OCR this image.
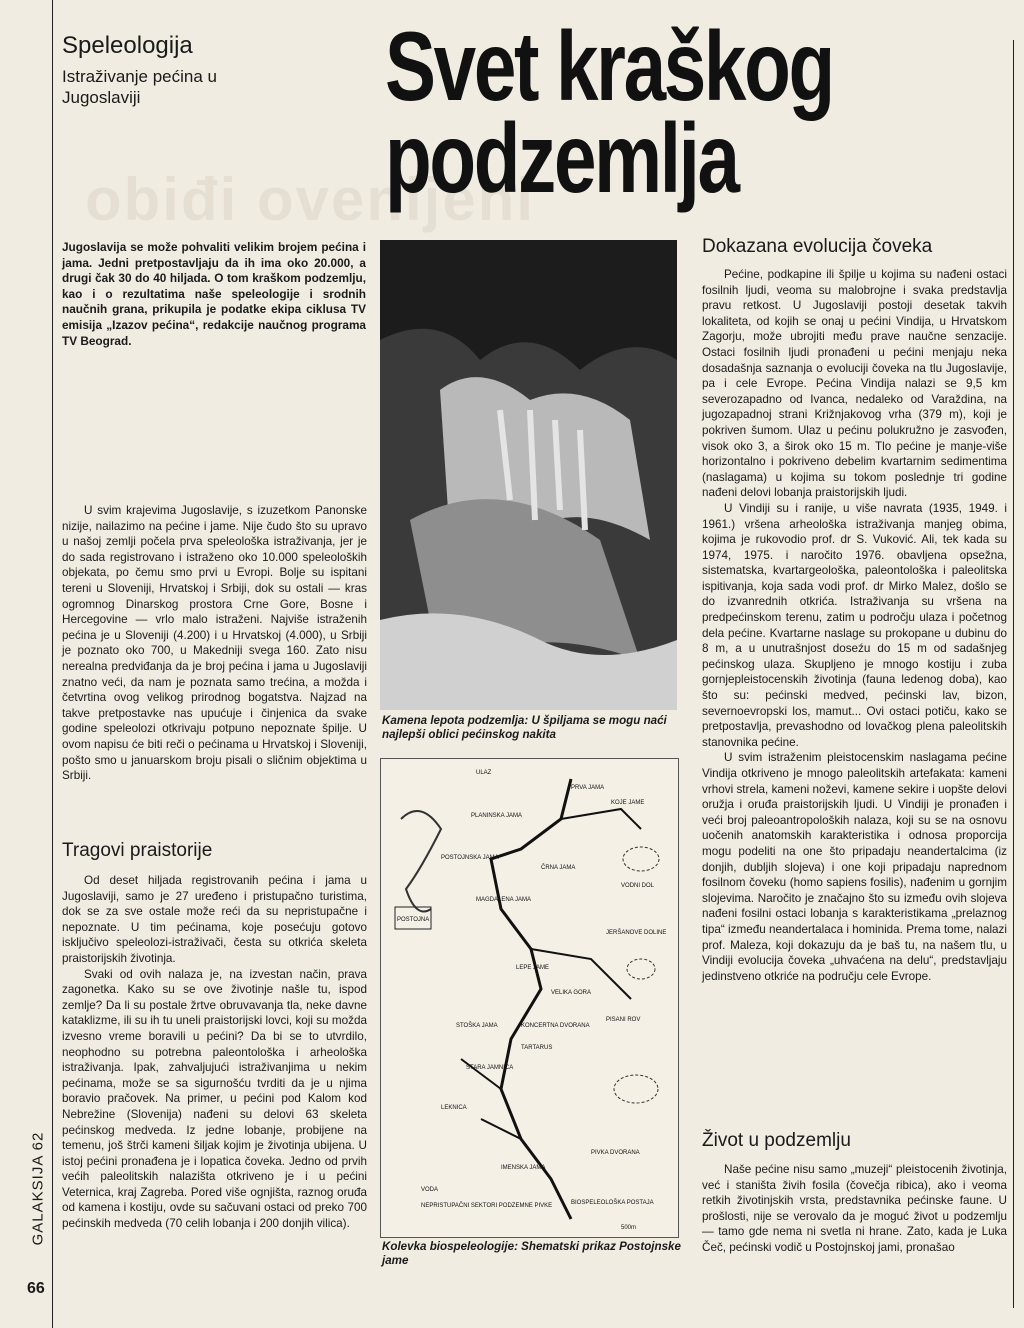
GALAKSIJA 62
66
Speleologija
Istraživanje pećina u Jugoslaviji
obiđi ovenljeni
Svet kraškog
podzemlja
Jugoslavija se može pohvaliti velikim brojem pećina i jama. Jedni pretpostavljaju da ih ima oko 20.000, a drugi čak 30 do 40 hiljada. O tom kraškom podzemlju, kao i o rezultatima naše speleologije i srodnih naučnih grana, prikupila je podatke ekipa ciklusa TV emisija „Izazov pećina“, redakcije naučnog programa TV Beograd.

U svim krajevima Jugoslavije, s izuzetkom Panonske nizije, nailazimo na pećine i jame. Nije čudo što su upravo u našoj zemlji počela prva speleološka istraživanja, jer je do sada registrovano i istraženo oko 10.000 speleoloških objekata, po čemu smo prvi u Evropi. Bolje su ispitani tereni u Sloveniji, Hrvatskoj i Srbiji, dok su ostali — kras ogromnog Dinarskog prostora Crne Gore, Bosne i Hercegovine — vrlo malo istraženi. Najviše istraženih pećina je u Sloveniji (4.200) i u Hrvatskoj (4.000), u Srbiji je poznato oko 700, u Makedniji svega 160. Zato nisu nerealna predviđanja da je broj pećina i jama u Jugoslaviji znatno veći, da nam je poznata samo trećina, a možda i četvrtina ovog velikog prirodnog bogatstva. Najzad na takve pretpostavke nas upućuje i činjenica da svake godine speleolozi otkrivaju potpuno nepoznate špilje. U ovom napisu će biti reči o pećinama u Hrvatskoj i Sloveniji, pošto smo u januarskom broju pisali o sličnim objektima u Srbiji.

Tragovi praistorije

Od deset hiljada registrovanih pećina i jama u Jugoslaviji, samo je 27 uređeno i pristupačno turistima, dok se za sve ostale može reći da su nepristupačne i nepoznate. U tim pećinama, koje posećuju gotovo isključivo speleolozi-istraživači, česta su otkrića skeleta praistorijskih životinja.

Svaki od ovih nalaza je, na izvestan način, prava zagonetka. Kako su se ove životinje našle tu, ispod zemlje? Da li su postale žrtve obruvavanja tla, neke davne kataklizme, ili su ih tu uneli praistorijski lovci, koji su možda izvesno vreme boravili u pećini? Da bi se to utvrdilo, neophodno su potrebna paleontološka i arheološka istraživanja. Ipak, zahvaljujući istraživanjima u nekim pećinama, može se sa sigurnošću tvrditi da je u njima boravio pračovek. Na primer, u pećini pod Kalom kod Nebrežine (Slovenija) nađeni su delovi 63 skeleta pećinskog medveda. Iz jedne lobanje, probijene na temenu, još štrči kameni šiljak kojim je životinja ubijena. U istoj pećini pronađena je i lopatica čoveka. Jedno od prvih većih paleolitskih nalazišta otkriveno je i u pećini Veternica, kraj Zagreba. Pored više ognjišta, raznog oruđa od kamena i kostiju, ovde su sačuvani ostaci od preko 700 pećinskih medveda (70 celih lobanja i 200 donjih vilica).

Kamena lepota podzemlja: U špiljama se mogu naći najlepši oblici pećinskog nakita
ULAZ
PRVA JAMA
PLANINSKA JAMA
POSTOJNSKA JAMA
ČRNA JAMA
KOJE JAME
VODNI DOL
MAGDALENA JAMA
POSTOJNA
JERŠANOVE DOLINE
LEPE JAME
VELIKA GORA
STOŠKA JAMA	KONCERTNA DVORANA
PISANI ROV
TARTARUS
STARA JAMNICA
LEKNICA
IMENSKA JAMA
PIVKA DVORANA
BIOSPELEOLOŠKA POSTAJA
VODA
NEPRISTUPAČNI SEKTORI PODZEMNE PIVKE
500m
Kolevka biospeleologije: Shematski prikaz Postojnske jame
Dokazana evolucija čoveka

Pećine, podkapine ili špilje u kojima su nađeni ostaci fosilnih ljudi, veoma su malobrojne i svaka predstavlja pravu retkost. U Jugoslaviji postoji desetak takvih lokaliteta, od kojih se onaj u pećini Vindija, u Hrvatskom Zagorju, može ubrojiti među prave naučne senzacije. Ostaci fosilnih ljudi pronađeni u pećini menjaju neka dosadašnja saznanja o evoluciji čoveka na tlu Jugoslavije, pa i cele Evrope. Pećina Vindija nalazi se 9,5 km severozapadno od Ivanca, nedaleko od Varaždina, na jugozapadnoj strani Križnjakovog vrha (379 m), koji je pokriven šumom. Ulaz u pećinu polukružno je zasvođen, visok oko 3, a širok oko 15 m. Tlo pećine je manje-više horizontalno i pokriveno debelim kvartarnim sedimentima (naslagama) u kojima su tokom poslednje tri godine nađeni delovi lobanja praistorijskih ljudi.

U Vindiji su i ranije, u više navrata (1935, 1949. i 1961.) vršena arheološka istraživanja manjeg obima, kojima je rukovodio prof. dr S. Vuković. Ali, tek kada su 1974, 1975. i naročito 1976. obavljena opsežna, sistematska, kvartargeološka, paleontološka i paleolitska ispitivanja, koja sada vodi prof. dr Mirko Malez, došlo se do izvanrednih otkrića. Istraživanja su vršena na predpećinskom terenu, zatim u področju ulaza i početnog dela pećine. Kvartarne naslage su prokopane u dubinu do 8 m, a u unutrašnjost doseźu do 15 m od sadašnjeg pećinskog ulaza. Skupljeno je mnogo kostiju i zuba gornjepleistocenskih životinja (fauna ledenog doba), kao što su: pećinski medved, pećinski lav, bizon, severnoevropski los, mamut... Ovi ostaci potiču, kako se pretpostavlja, prevashodno od lovačkog plena paleolitskih stanovnika pećine.

U svim istraženim pleistocenskim naslagama pećine Vindija otkriveno je mnogo paleolitskih artefakata: kameni vrhovi strela, kameni noževi, kamene sekire i uopšte delovi oružja i oruđa praistorijskih ljudi. U Vindiji je pronađen i veći broj paleoantropoloških nalaza, koji su se na osnovu uočenih anatomskih karakteristika i odnosa proporcija mogu podeliti na one što pripadaju neandertalcima (iz donjih, dubljih slojeva) i one koji pripadaju naprednom fosilnom čoveku (homo sapiens fosilis), nađenim u gornjim slojevima. Naročito je značajno što su između ovih slojeva nađeni fosilni ostaci lobanja s karakteristikama „prelaznog tipa“ između neandertalaca i hominida. Prema tome, nalazi prof. Maleza, koji dokazuju da je baš tu, na našem tlu, u Vindiji evolucija čoveka „uhvaćena na delu“, predstavljaju jedinstveno otkriće na području cele Evrope.

Život u podzemlju

Naše pećine nisu samo „muzeji“ pleistocenih životinja, već i staništa živih fosila (čovečja ribica), ako i veoma retkih životinjskih vrsta, predstavnika pećinske faune. U prošlosti, nije se verovalo da je moguć život u podzemlju — tamo gde nema ni svetla ni hrane. Zato, kada je Luka Čeč, pećinski vodič u Postojnskoj jami, pronašao
